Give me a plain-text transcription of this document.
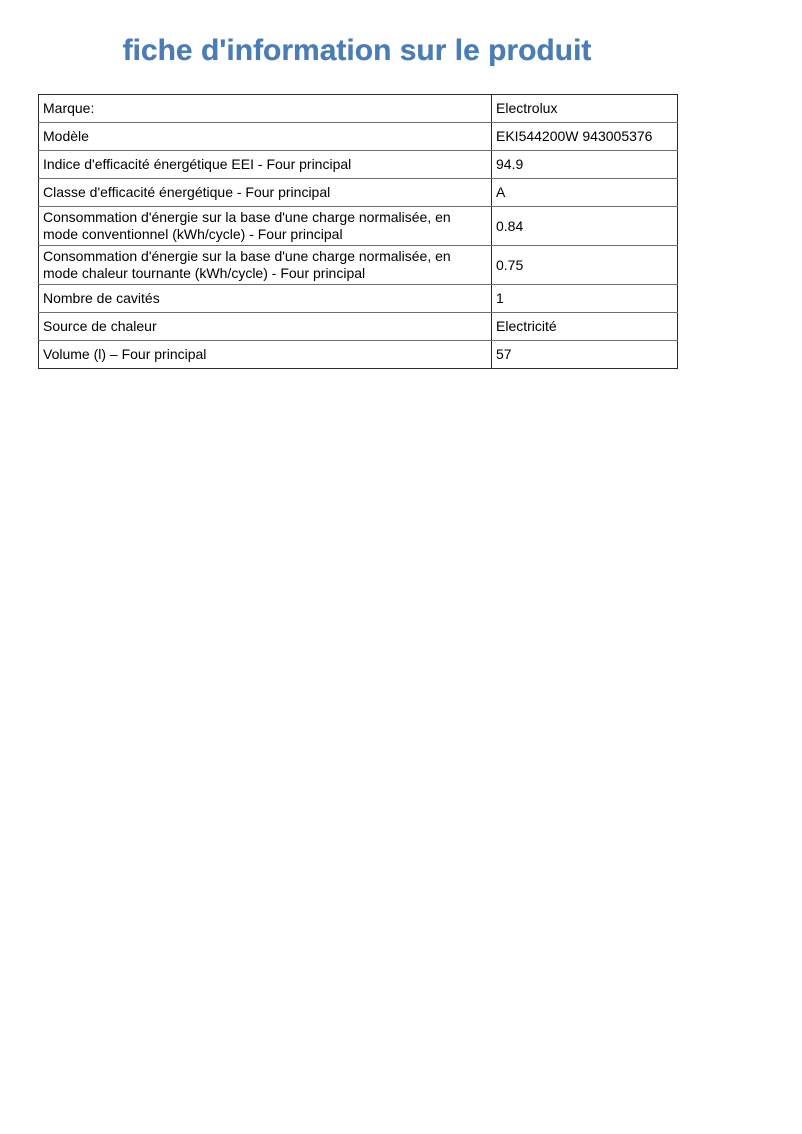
fiche d'information sur le produit
Marque:	Electrolux
Modèle	EKI544200W 943005376
Indice d'efficacité énergétique EEI - Four principal	94.9
Classe d'efficacité énergétique - Four principal	A
Consommation d'énergie sur la base d'une charge normalisée, en mode conventionnel (kWh/cycle) - Four principal	0.84
Consommation d'énergie sur la base d'une charge normalisée, en mode chaleur tournante (kWh/cycle) - Four principal	0.75
Nombre de cavités	1
Source de chaleur	Electricité
Volume (l) – Four principal	57
